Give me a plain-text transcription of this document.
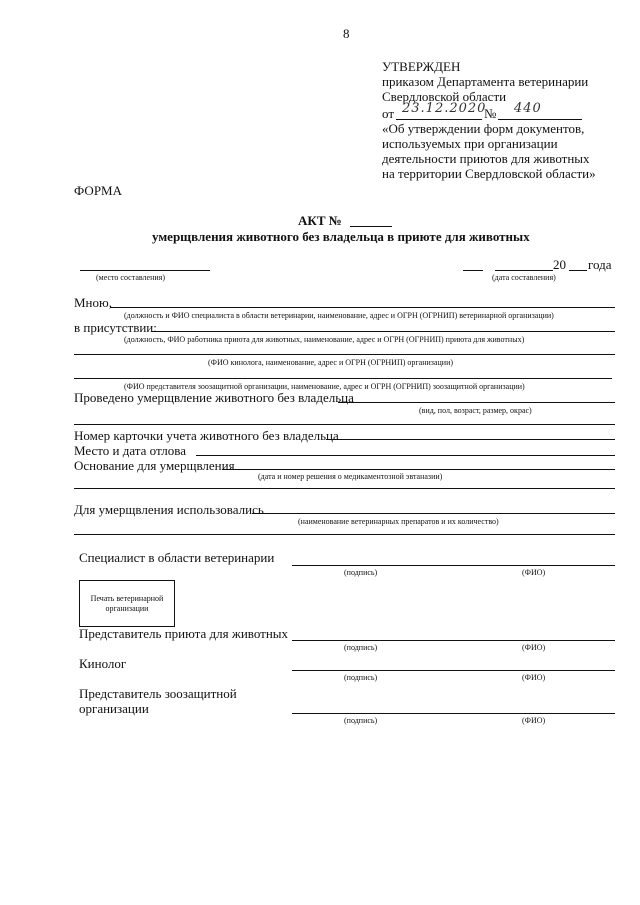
8
УТВЕРЖДЕН
приказом Департамента ветеринарии
Свердловской области
от 23.12.2020
№ 440
«Об утверждении форм документов,
используемых при организации
деятельности приютов для животных
на территории Свердловской области»
ФОРМА
АКТ №
умерщвления животного без владельца в приюте для животных
(место составления)
20 года
(дата составления)
Мною,
(должность и ФИО специалиста в области ветеринарии, наименование, адрес и ОГРН (ОГРНИП) ветеринарной организации)
в присутствии:
(должность, ФИО работника приюта для животных, наименование, адрес и ОГРН (ОГРНИП) приюта для животных)
(ФИО кинолога, наименование, адрес и ОГРН (ОГРНИП) организации)
(ФИО представителя зоозащитной организации, наименование, адрес и ОГРН (ОГРНИП) зоозащитной организации)
Проведено умерщвление животного без владельца
(вид, пол, возраст, размер, окрас)
Номер карточки учета животного без владельца
Место и дата отлова
Основание для умерщвления
(дата и номер решения о медикаментозной эвтаназии)
Для умерщвления использовались
(наименование ветеринарных препаратов и их количество)
Специалист в области ветеринарии
(подпись)	(ФИО)
Печать ветеринарной организации
Представитель приюта для животных
(подпись)	(ФИО)
Кинолог
(подпись)	(ФИО)
Представитель зоозащитной
организации
(подпись)	(ФИО)
